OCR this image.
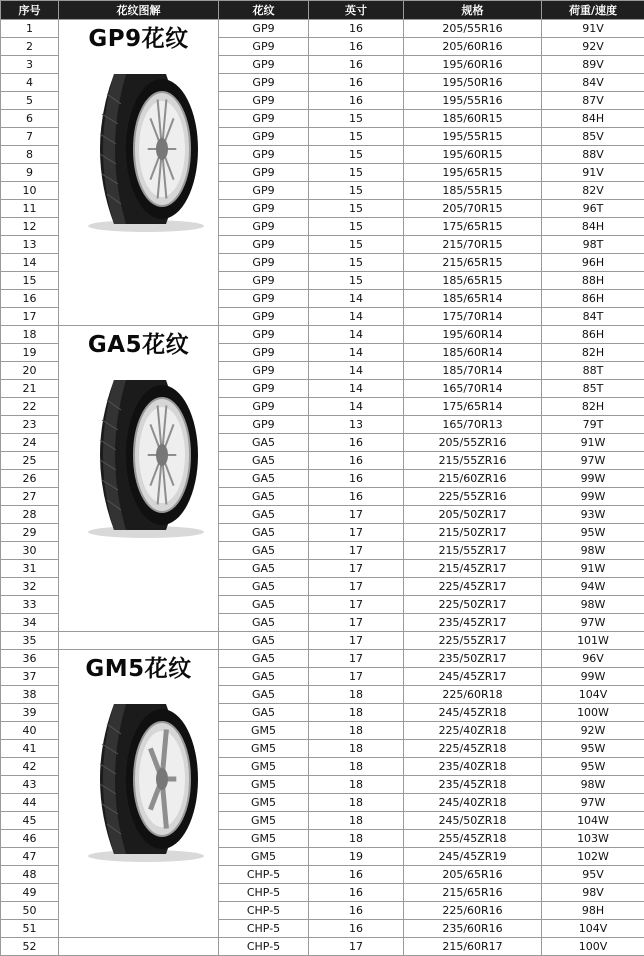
序号	花纹图解	花纹	英寸	规格	荷重/速度
1	GP9花纹	GP9	16	205/55R16	91V
2		GP9	16	205/60R16	92V
3		GP9	16	195/60R16	89V
4		GP9	16	195/50R16	84V
5		GP9	16	195/55R16	87V
6		GP9	15	185/60R15	84H
7		GP9	15	195/55R15	85V
8		GP9	15	195/60R15	88V
9		GP9	15	195/65R15	91V
10		GP9	15	185/55R15	82V
11		GP9	15	205/70R15	96T
12		GP9	15	175/65R15	84H
13		GP9	15	215/70R15	98T
14		GP9	15	215/65R15	96H
15		GP9	15	185/65R15	88H
16		GP9	14	185/65R14	86H
17		GP9	14	175/70R14	84T
18	GA5花纹	GP9	14	195/60R14	86H
19		GP9	14	185/60R14	82H
20		GP9	14	185/70R14	88T
21		GP9	14	165/70R14	85T
22		GP9	14	175/65R14	82H
23		GP9	13	165/70R13	79T
24		GA5	16	205/55ZR16	91W
25		GA5	16	215/55ZR16	97W
26		GA5	16	215/60ZR16	99W
27		GA5	16	225/55ZR16	99W
28		GA5	17	205/50ZR17	93W
29		GA5	17	215/50ZR17	95W
30		GA5	17	215/55ZR17	98W
31		GA5	17	215/45ZR17	91W
32		GA5	17	225/45ZR17	94W
33		GA5	17	225/50ZR17	98W
34		GA5	17	235/45ZR17	97W
35		GA5	17	225/55ZR17	101W
36	GM5花纹	GA5	17	235/50ZR17	96V
37		GA5	17	245/45ZR17	99W
38		GA5	18	225/60R18	104V
39		GA5	18	245/45ZR18	100W
40		GM5	18	225/40ZR18	92W
41		GM5	18	225/45ZR18	95W
42		GM5	18	235/40ZR18	95W
43		GM5	18	235/45ZR18	98W
44		GM5	18	245/40ZR18	97W
45		GM5	18	245/50ZR18	104W
46		GM5	18	255/45ZR18	103W
47		GM5	19	245/45ZR19	102W
48		CHP-5	16	205/65R16	95V
49		CHP-5	16	215/65R16	98V
50		CHP-5	16	225/60R16	98H
51		CHP-5	16	235/60R16	104V
52		CHP-5	17	215/60R17	100V
